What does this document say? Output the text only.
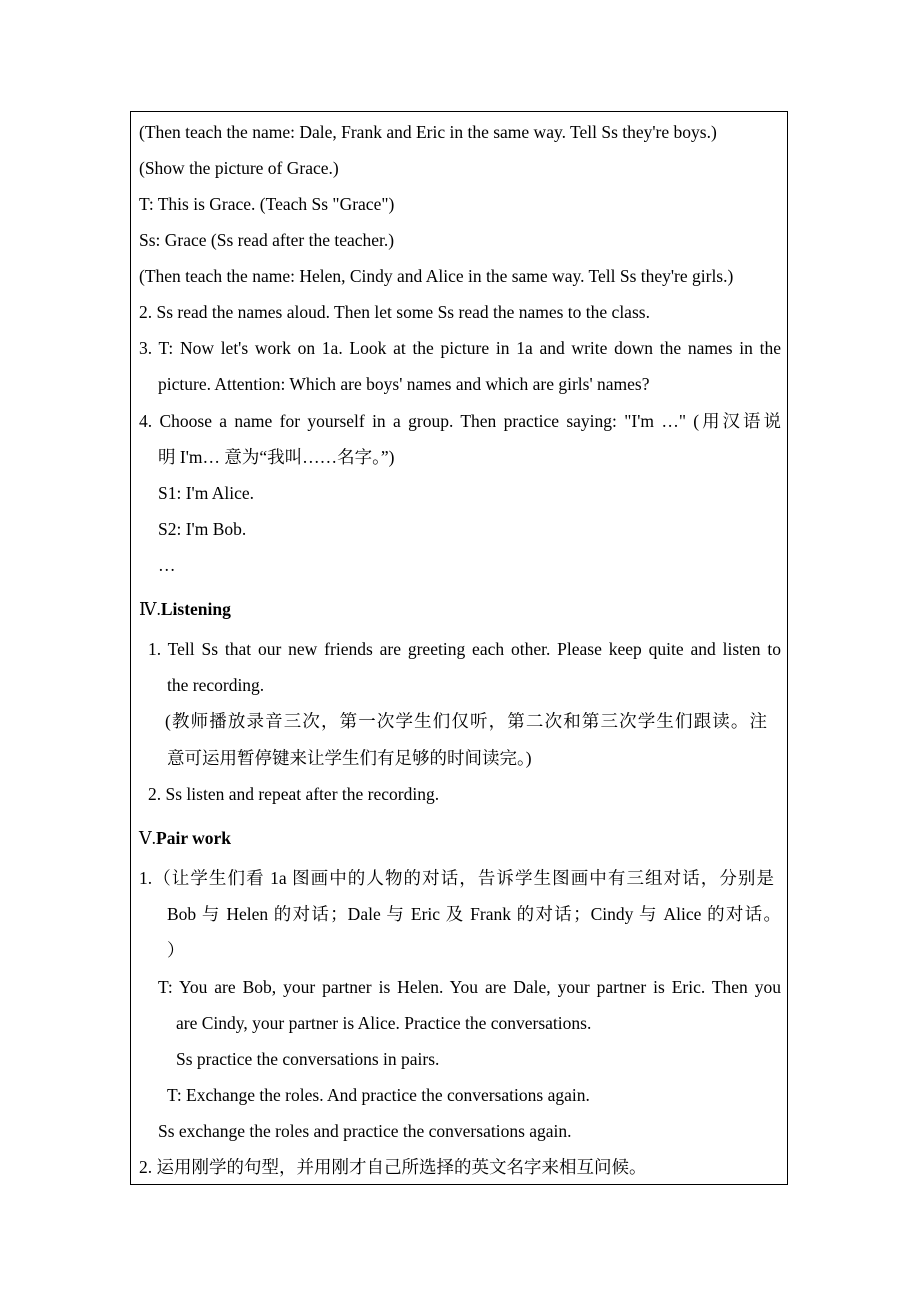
(Then teach the name: Dale, Frank and Eric in the same way. Tell Ss they're boys.)
(Show the picture of Grace.)
T: This is Grace. (Teach Ss "Grace")
Ss: Grace (Ss read after the teacher.)
(Then teach the name: Helen, Cindy and Alice in the same way. Tell Ss they're girls.)
2. Ss read the names aloud. Then let some Ss read the names to the class.
3. T: Now let's work on 1a. Look at the picture in 1a and write down the names in the
picture. Attention: Which are boys' names and which are girls' names?
4. Choose a name for yourself in a group. Then practice saying: "I'm …" (用汉语说
明 I'm… 意为“我叫……名字。”)
S1: I'm Alice.
S2: I'm Bob.
…
Ⅳ.Listening
1. Tell Ss that our new friends are greeting each other. Please keep quite and listen to
the recording.
(教师播放录音三次，第一次学生们仅听，第二次和第三次学生们跟读。注
意可运用暂停键来让学生们有足够的时间读完。)
2. Ss listen and repeat after the recording.
Ⅴ.Pair work
1.（让学生们看 1a 图画中的人物的对话，告诉学生图画中有三组对话，分别是
Bob 与 Helen 的对话；Dale 与 Eric 及 Frank 的对话；Cindy 与 Alice 的对话。
）
T: You are Bob, your partner is Helen. You are Dale, your partner is Eric. Then you
are Cindy, your partner is Alice. Practice the conversations.
Ss practice the conversations in pairs.
T: Exchange the roles. And practice the conversations again.
Ss exchange the roles and practice the conversations again.
2. 运用刚学的句型，并用刚才自己所选择的英文名字来相互问候。
